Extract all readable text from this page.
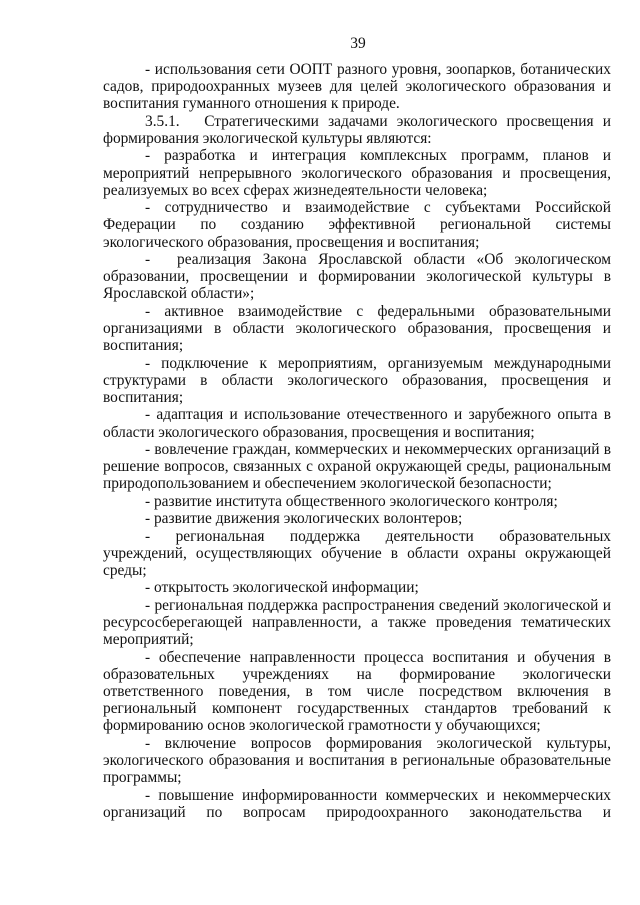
39

- использования сети ООПТ разного уровня, зоопарков, ботанических садов, природоохранных музеев для целей экологического образования и воспитания гуманного отношения к природе.

3.5.1.  Стратегическими задачами экологического просвещения и формирования экологической культуры являются:

- разработка и интеграция комплексных программ, планов и мероприятий непрерывного экологического образования и просвещения, реализуемых во всех сферах жизнедеятельности человека;

- сотрудничество и взаимодействие с субъектами Российской Федерации по созданию эффективной региональной системы экологического образования, просвещения и воспитания;

-  реализация Закона Ярославской области «Об экологическом образовании, просвещении и формировании экологической культуры в Ярославской области»;

- активное взаимодействие с федеральными образовательными организациями в области экологического образования, просвещения и воспитания;

- подключение к мероприятиям, организуемым международными структурами в области экологического образования, просвещения и воспитания;

- адаптация и использование отечественного и зарубежного опыта в области экологического образования, просвещения и воспитания;

- вовлечение граждан, коммерческих и некоммерческих организаций в решение вопросов, связанных с охраной окружающей среды, рациональным природопользованием и обеспечением экологической безопасности;

- развитие института общественного экологического контроля;

- развитие движения экологических волонтеров;

- региональная поддержка деятельности образовательных учреждений, осуществляющих обучение в области охраны окружающей среды;

- открытость экологической информации;

- региональная поддержка распространения сведений экологической и ресурсосберегающей направленности, а также проведения тематических мероприятий;

- обеспечение направленности процесса воспитания и обучения в образовательных учреждениях на формирование экологически ответственного поведения, в том числе посредством включения в региональный компонент государственных стандартов требований к формированию основ экологической грамотности у обучающихся;

- включение вопросов формирования экологической культуры, экологического образования и воспитания в региональные образовательные программы;

- повышение информированности коммерческих и некоммерческих организаций по вопросам природоохранного законодательства и
